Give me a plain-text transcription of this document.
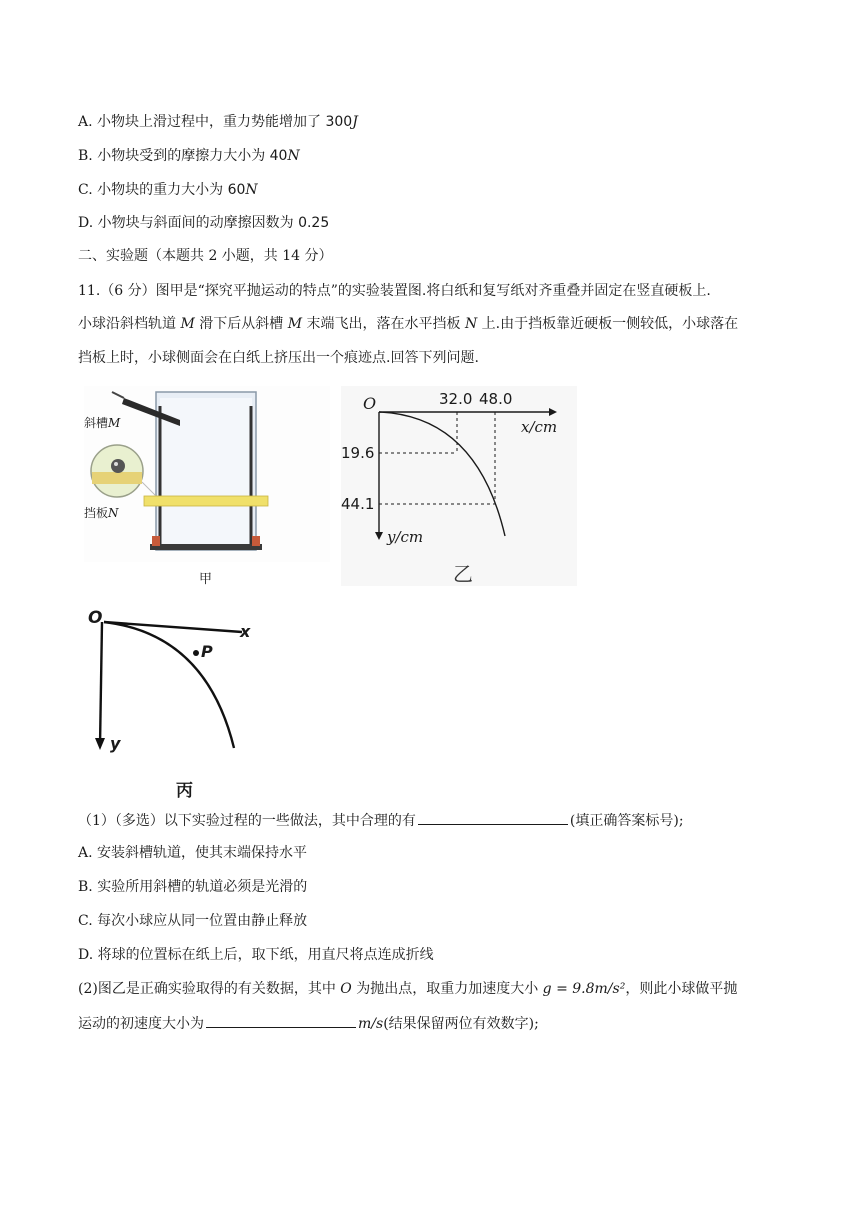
A. 小物块上滑过程中，重力势能增加了 300J
B. 小物块受到的摩擦力大小为 40N
C. 小物块的重力大小为 60N
D. 小物块与斜面间的动摩擦因数为 0.25
二、实验题（本题共 2 小题，共 14 分）
11.（6 分）图甲是“探究平抛运动的特点”的实验装置图.将白纸和复写纸对齐重叠并固定在竖直硬板上.
小球沿斜档轨道 M 滑下后从斜槽 M 末端飞出，落在水平挡板 N 上.由于挡板靠近硬板一侧较低，小球落在
挡板上时，小球侧面会在白纸上挤压出一个痕迹点.回答下列问题.
斜槽M
挡板N
甲
O	32.0 48.0
x/cm
19.6
44.1
y/cm
乙
O
x
y
P
丙
（1）（多选）以下实验过程的一些做法，其中合理的有	(填正确答案标号);
A. 安装斜槽轨道，使其末端保持水平
B. 实验所用斜槽的轨道必须是光滑的
C. 每次小球应从同一位置由静止释放
D. 将球的位置标在纸上后，取下纸，用直尺将点连成折线
(2)图乙是正确实验取得的有关数据，其中 O 为抛出点，取重力加速度大小 g = 9.8m/s²，则此小球做平抛
运动的初速度大小为	m/s(结果保留两位有效数字);
